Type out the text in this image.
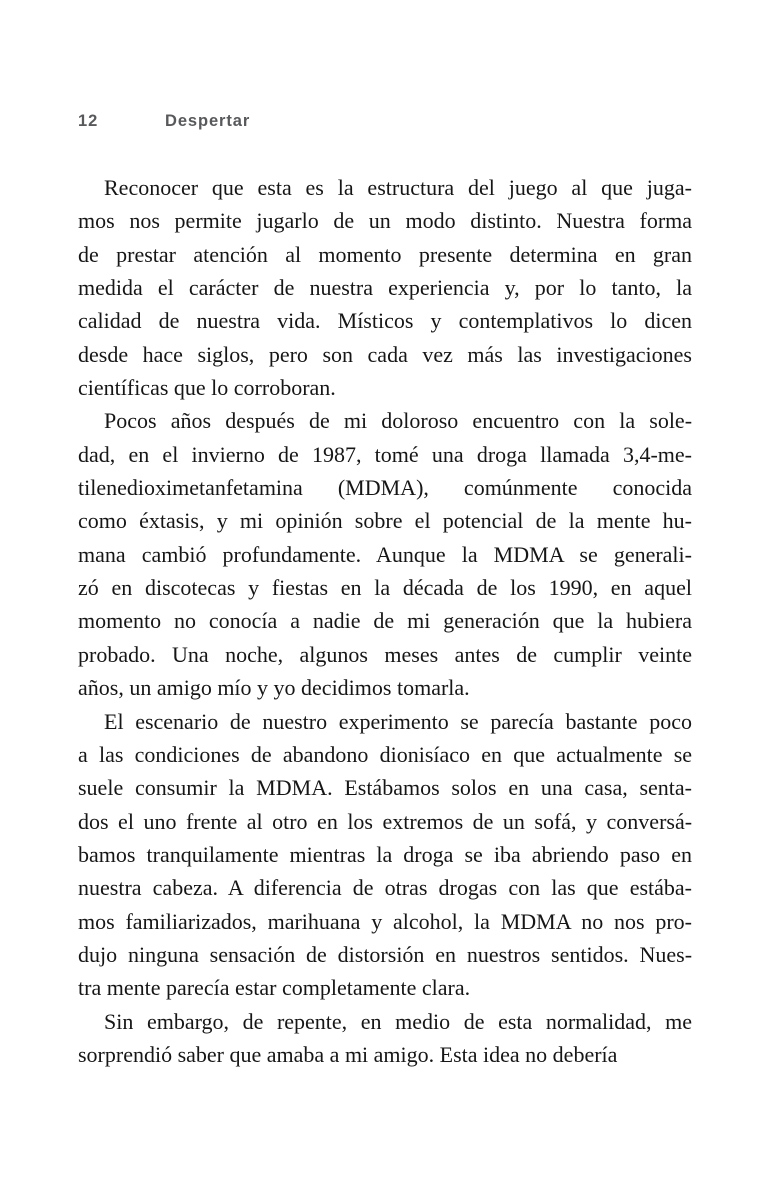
12	Despertar
Reconocer que esta es la estructura del juego al que juga-
mos nos permite jugarlo de un modo distinto. Nuestra forma
de prestar atención al momento presente determina en gran
medida el carácter de nuestra experiencia y, por lo tanto, la
calidad de nuestra vida. Místicos y contemplativos lo dicen
desde hace siglos, pero son cada vez más las investigaciones
científicas que lo corroboran.
Pocos años después de mi doloroso encuentro con la sole-
dad, en el invierno de 1987, tomé una droga llamada 3,4-me-
tilenedioximetanfetamina (MDMA), comúnmente conocida
como éxtasis, y mi opinión sobre el potencial de la mente hu-
mana cambió profundamente. Aunque la MDMA se generali-
zó en discotecas y fiestas en la década de los 1990, en aquel
momento no conocía a nadie de mi generación que la hubiera
probado. Una noche, algunos meses antes de cumplir veinte
años, un amigo mío y yo decidimos tomarla.
El escenario de nuestro experimento se parecía bastante poco
a las condiciones de abandono dionisíaco en que actualmente se
suele consumir la MDMA. Estábamos solos en una casa, senta-
dos el uno frente al otro en los extremos de un sofá, y conversá-
bamos tranquilamente mientras la droga se iba abriendo paso en
nuestra cabeza. A diferencia de otras drogas con las que estába-
mos familiarizados, marihuana y alcohol, la MDMA no nos pro-
dujo ninguna sensación de distorsión en nuestros sentidos. Nues-
tra mente parecía estar completamente clara.
Sin embargo, de repente, en medio de esta normalidad, me
sorprendió saber que amaba a mi amigo. Esta idea no debería
